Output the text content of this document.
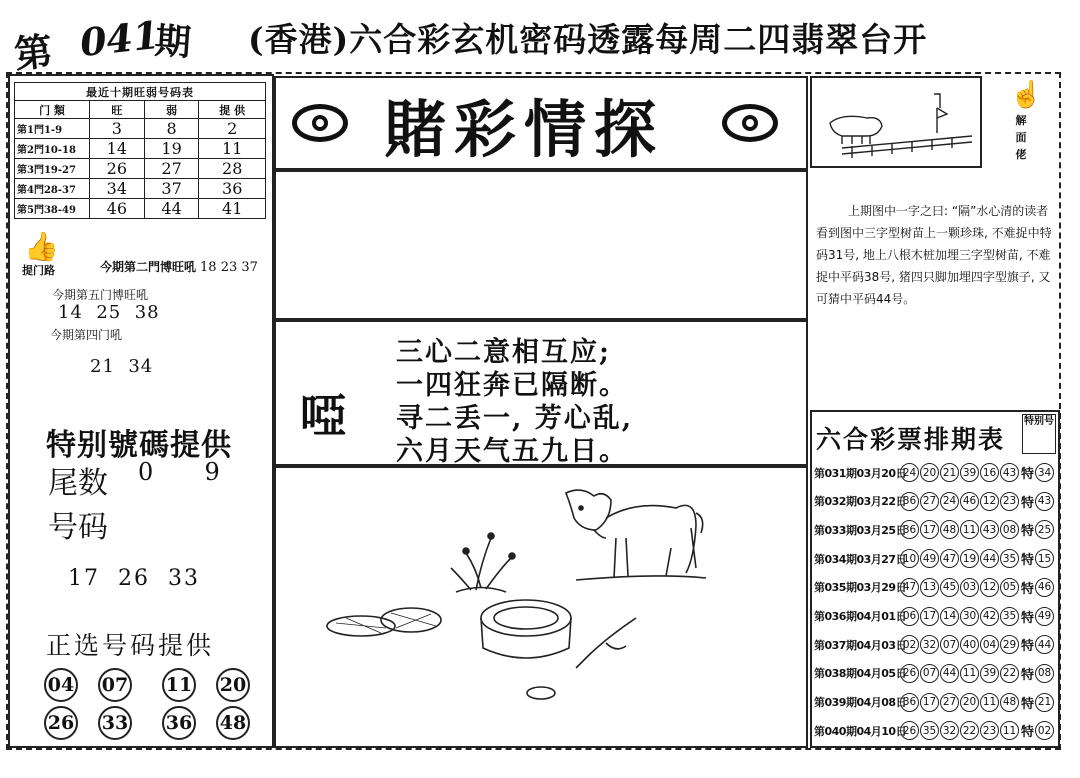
第 041
期 (香港)六合彩玄机密码透露每周二四翡翠台开
最近十期旺弱号码表			
门 類	旺	弱	提 供
第1門1-9	3	8	2
第2門10-18	14	19	11
第3門19-27	26	27	28
第4門28-37	34	37	36
第5門38-49	46	44	41
👍
提门路	今期第二門博旺吼 18 23 37
今期第五门博旺吼
14  25  38
今期第四门吼
21  34
特别號碼提供
尾数 0  9
号码
17  26  33
正选号码提供
04 07 11 20
26 33 36 48
賭彩情探
啞
三心二意相互应;
一四狂奔已隔断。
寻二丢一, 芳心乱,
六月天气五九日。
☝
解面佬
上期图中一字之曰: “隔”水心清的读者看到图中三字型树苗上一颗珍珠, 不难捉中特码31号, 地上八根木桩加埋三字型树苗, 不难捉中平码38号, 猪四只脚加埋四字型旗子, 又可猜中平码44号。
六合彩票排期表
特别号
第031期03月20日
24 20 21 39 16 43 特 34
第032期03月22日
36 27 24 46 12 23 特 43
第033期03月25日
36 17 48 11 43 08 特 25
第034期03月27日
10 49 47 19 44 35 特 15
第035期03月29日
47 13 45 03 12 05 特 46
第036期04月01日
06 17 14 30 42 35 特 49
第037期04月03日
02 32 07 40 04 29 特 44
第038期04月05日
26 07 44 11 39 22 特 08
第039期04月08日
36 17 27 20 11 48 特 21
第040期04月10日
26 35 32 22 23 11 特 02
